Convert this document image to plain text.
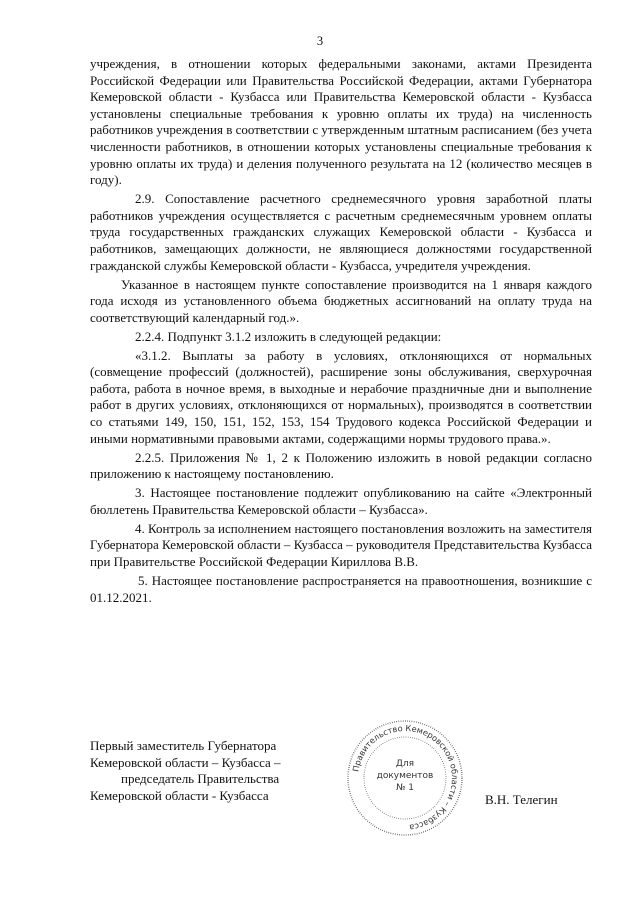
3

учреждения, в отношении которых федеральными законами, актами Президента Российской Федерации или Правительства Российской Федерации, актами Губернатора Кемеровской области - Кузбасса или Правительства Кемеровской области - Кузбасса установлены специальные требования к уровню оплаты их труда) на численность работников учреждения в соответствии с утвержденным штатным расписанием (без учета численности работников, в отношении которых установлены специальные требования к уровню оплаты их труда) и деления полученного результата на 12 (количество месяцев в году).

2.9. Сопоставление расчетного среднемесячного уровня заработной платы работников учреждения осуществляется с расчетным среднемесячным уровнем оплаты труда государственных гражданских служащих Кемеровской области - Кузбасса и работников, замещающих должности, не являющиеся должностями государственной гражданской службы Кемеровской области - Кузбасса, учредителя учреждения.

Указанное в настоящем пункте сопоставление производится на 1 января каждого года исходя из установленного объема бюджетных ассигнований на оплату труда на соответствующий календарный год.».

2.2.4. Подпункт 3.1.2 изложить в следующей редакции:

«3.1.2. Выплаты за работу в условиях, отклоняющихся от нормальных (совмещение профессий (должностей), расширение зоны обслуживания, сверхурочная работа, работа в ночное время, в выходные и нерабочие праздничные дни и выполнение работ в других условиях, отклоняющихся от нормальных), производятся в соответствии со статьями 149, 150, 151, 152, 153, 154 Трудового кодекса Российской Федерации и иными нормативными правовыми актами, содержащими нормы трудового права.».

2.2.5. Приложения № 1, 2 к Положению изложить в новой редакции согласно приложению к настоящему постановлению.

3. Настоящее постановление подлежит опубликованию на сайте «Электронный бюллетень Правительства Кемеровской области – Кузбасса».

4. Контроль за исполнением настоящего постановления возложить на заместителя Губернатора Кемеровской области – Кузбасса – руководителя Представительства Кузбасса при Правительстве Российской Федерации Кириллова В.В.

5. Настоящее постановление распространяется на правоотношения, возникшие с 01.12.2021.

Первый заместитель Губернатора
Кемеровской области – Кузбасса –
председатель Правительства
Кемеровской области - Кузбасса
Правительство Кемеровской области – Кузбасса
Для
документов
№ 1
В.Н. Телегин
